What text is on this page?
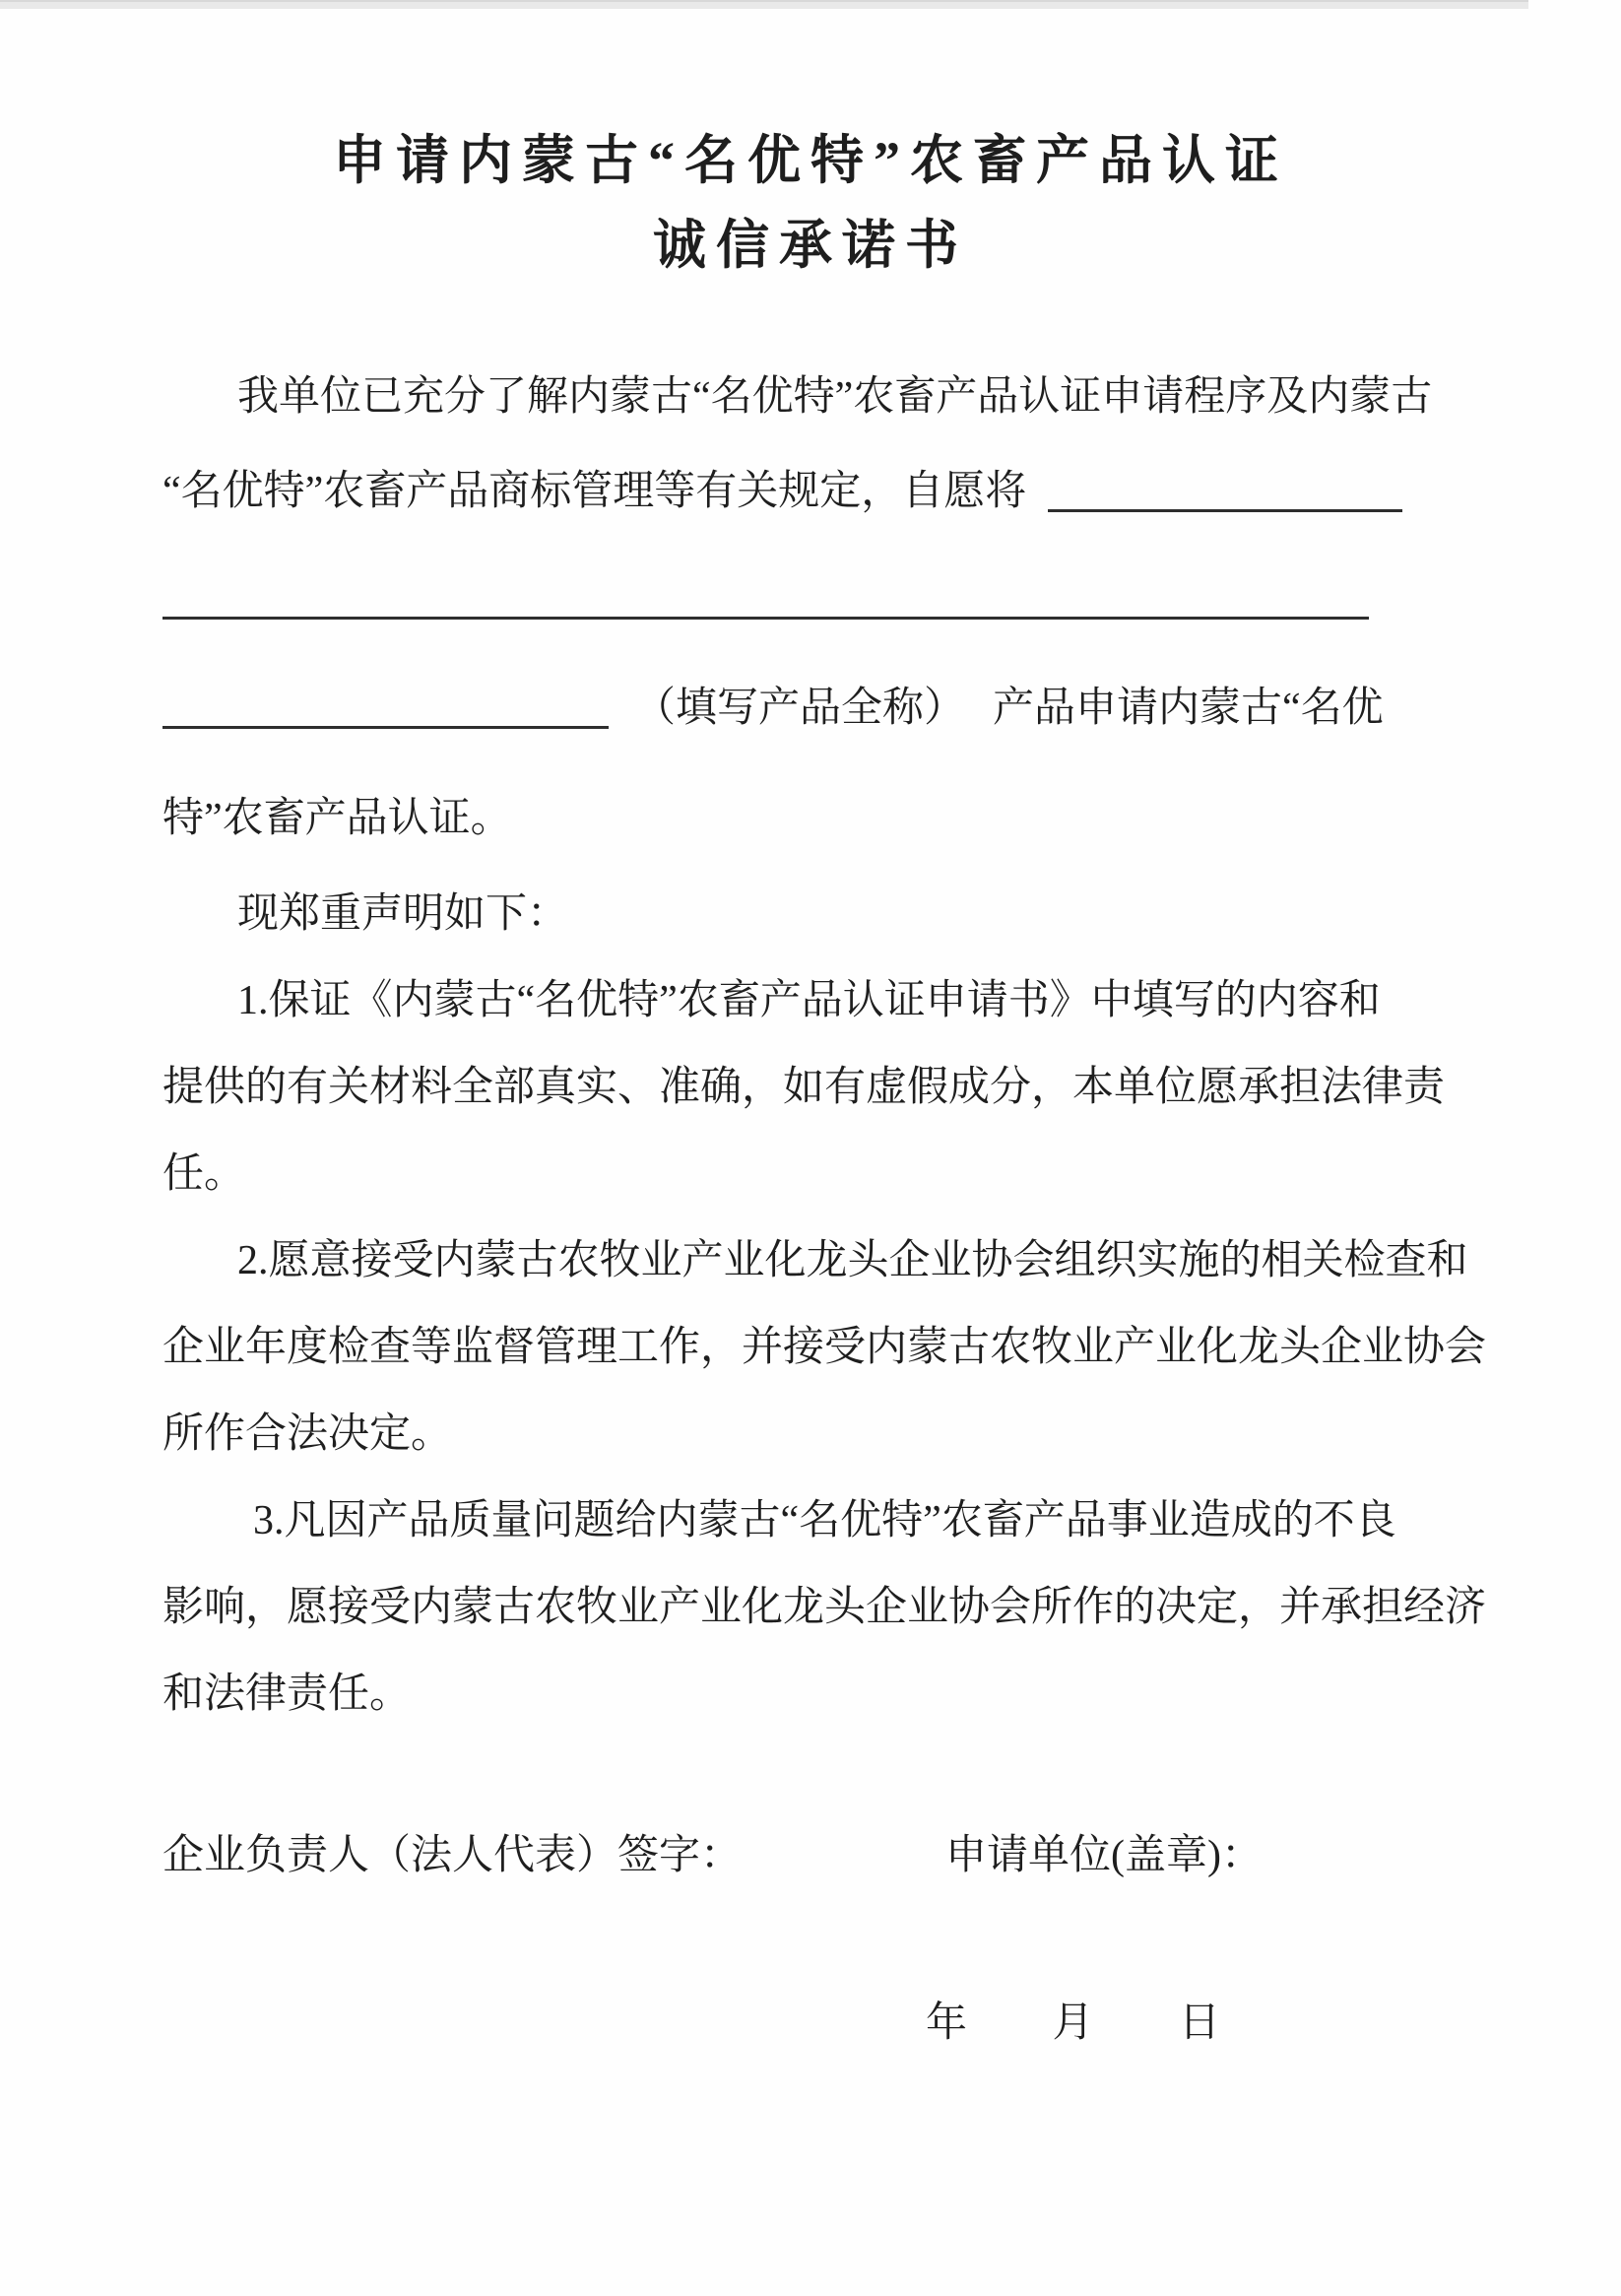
申请内蒙古“名优特”农畜产品认证
诚信承诺书
我单位已充分了解内蒙古“名优特”农畜产品认证申请程序及内蒙古
“名优特”农畜产品商标管理等有关规定，自愿将
（填写产品全称） 产品申请内蒙古“名优
特”农畜产品认证。
现郑重声明如下：
1.保证《内蒙古“名优特”农畜产品认证申请书》中填写的内容和
提供的有关材料全部真实、准确，如有虚假成分，本单位愿承担法律责
任。
2.愿意接受内蒙古农牧业产业化龙头企业协会组织实施的相关检查和
企业年度检查等监督管理工作，并接受内蒙古农牧业产业化龙头企业协会
所作合法决定。
3.凡因产品质量问题给内蒙古“名优特”农畜产品事业造成的不良
影响，愿接受内蒙古农牧业产业化龙头企业协会所作的决定，并承担经济
和法律责任。
企业负责人（法人代表）签字：	申请单位(盖章)：
年 月 日
